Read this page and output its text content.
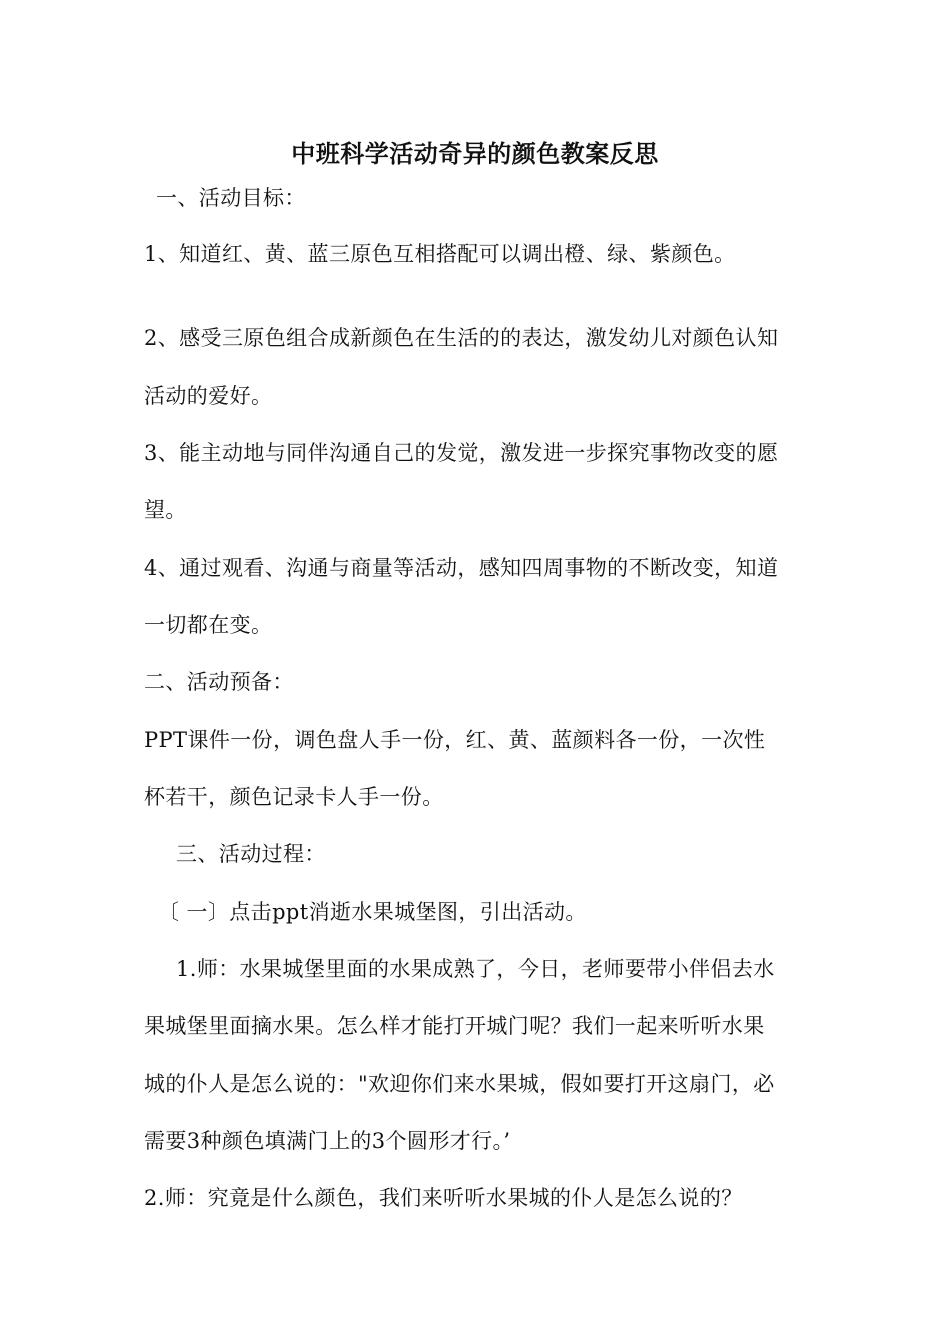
中班科学活动奇异的颜色教案反思
一、活动目标：
1、知道红、黄、蓝三原色互相搭配可以调出橙、绿、紫颜色。
2、感受三原色组合成新颜色在生活的的表达，激发幼儿对颜色认知
活动的爱好。
3、能主动地与同伴沟通自己的发觉，激发进一步探究事物改变的愿
望。
4、通过观看、沟通与商量等活动，感知四周事物的不断改变，知道
一切都在变。
二、活动预备：
PPT课件一份，调色盘人手一份，红、黄、蓝颜料各一份，一次性
杯若干，颜色记录卡人手一份。
三、活动过程：
〔 一〕点击ppt消逝水果城堡图，引出活动。
1.师：水果城堡里面的水果成熟了，今日，老师要带小伴侣去水
果城堡里面摘水果。怎么样才能打开城门呢？我们一起来听听水果
城的仆人是怎么说的："欢迎你们来水果城，假如要打开这扇门，必
需要3种颜色填满门上的3个圆形才行。’
2.师：究竟是什么颜色，我们来听听水果城的仆人是怎么说的？
